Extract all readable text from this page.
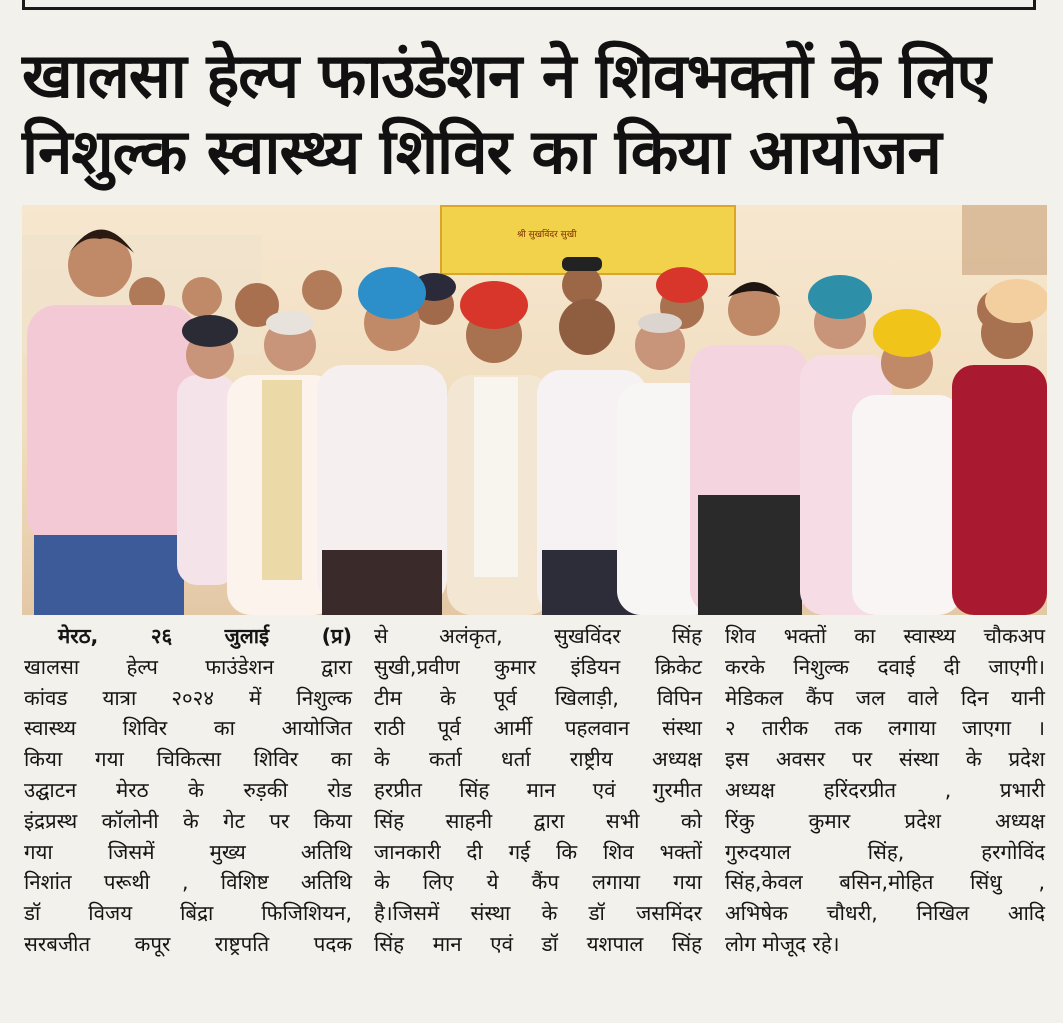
खालसा हेल्प फाउंडेशन ने शिवभक्तों के लिए
निशुल्क स्वास्थ्य शिविर का किया आयोजन
श्री सुखविंदर सुखी
मेरठ, २६ जुलाई (प्र)
खालसा हेल्प फाउंडेशन द्वारा
कांवड यात्रा २०२४ में निशुल्क
स्वास्थ्य शिविर का आयोजित
किया गया चिकित्सा शिविर का
उद्घाटन मेरठ के रुड़की रोड
इंद्रप्रस्थ कॉलोनी के गेट पर किया
गया जिसमें मुख्य अतिथि
निशांत परूथी , विशिष्ट अतिथि
डॉ विजय बिंद्रा फिजिशियन,
सरबजीत कपूर राष्ट्रपति पदक
से अलंकृत, सुखविंदर सिंह
सुखी,प्रवीण कुमार इंडियन क्रिकेट
टीम के पूर्व खिलाड़ी, विपिन
राठी पूर्व आर्मी पहलवान संस्था
के कर्ता धर्ता राष्ट्रीय अध्यक्ष
हरप्रीत सिंह मान एवं गुरमीत
सिंह साहनी द्वारा सभी को
जानकारी दी गई कि शिव भक्तों
के लिए ये कैंप लगाया गया
है।जिसमें संस्था के डॉ जसमिंदर
सिंह मान एवं डॉ यशपाल सिंह
शिव भक्तों का स्वास्थ्य चौकअप
करके निशुल्क दवाई दी जाएगी।
मेडिकल कैंप जल वाले दिन यानी
२ तारीक तक लगाया जाएगा ।
इस अवसर पर संस्था के प्रदेश
अध्यक्ष हरिंदरप्रीत , प्रभारी
रिंकु कुमार प्रदेश अध्यक्ष
गुरुदयाल सिंह, हरगोविंद
सिंह,केवल बसिन,मोहित सिंधु ,
अभिषेक चौधरी, निखिल आदि
लोग मोजूद रहे।
